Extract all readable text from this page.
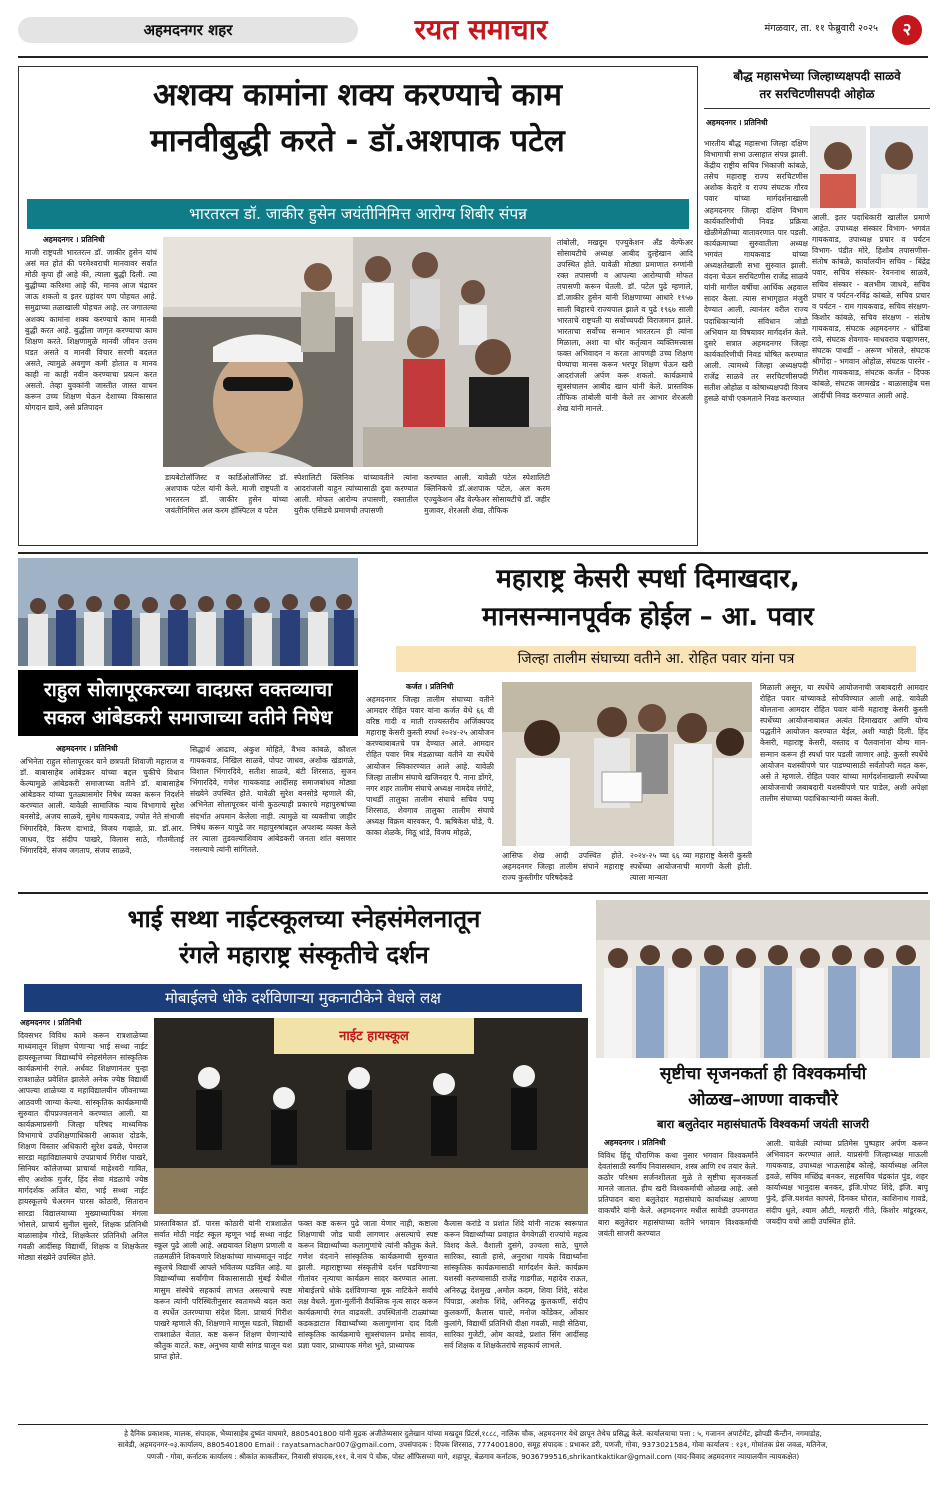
अहमदनगर शहर	रयत समाचार	मंगळवार, ता. ११ फेब्रुवारी २०२५	२
अशक्य कामांना शक्य करण्याचे काम
मानवीबुद्धी करते - डॉ.अशपाक पटेल
भारतरत्न डॉ. जाकीर हुसेन जयंतीनिमित्त आरोग्य शिबीर संपन्न
अहमदनगर । प्रतिनिधी
माजी राष्ट्रपती भारतरत्न डॉ. जाकीर हुसेन यांचं असं मत होतं की परमेश्वराची मानवावर सर्वात मोठी कृपा ही आहे की, त्याला बुद्धी दिली. त्या बुद्धीच्या करिश्मा आहे की, मानव आज चंद्रावर जाऊ शकतो व इतर ग्रहांवर पण पोहचत आहे. समुद्राच्या तळाखाली पोहचत आहे. तर जगातल्या अशक्य कामांना शक्य करण्याचे काम मानवी बुद्धी करत आहे. बुद्धीला जागृत करण्याचा काम शिक्षण करते. शिक्षणामुळे मानवी जीवन उत्तम घडत असते व मानवी विचार सरणी बदलत असते, त्यामुळे अवगुण कमी होतात व मानव काही ना काही नवीन करण्याचा प्रयत्न करत असतो. तेव्हा युवकांनी जास्तीत जास्त वाचन करून उच्च शिक्षण घेऊन देशाच्या विकासात योगदान द्यावे, असे प्रतिपादन
डायबेटोलॉजिस्ट व कार्डिओलॉजिस्ट डॉ. अशपाक पटेल यांनी केले. माजी राष्ट्रपती व भारतरत्न डॉ. जाकीर हुसेन यांच्या जयंतीनिमित्त अल करम हॉस्पिटल व पटेल
स्पेशालिटी क्लिनिक यांच्यावतीने त्यांना आदरांजली वाहून त्यांच्यासाठी दुवा करण्यात आली. मोफत आरोग्य तपासणी, रक्तातील युरीक एसिडचे प्रमाणची तपासणी
करण्यात आली. यावेळी पटेल स्पेशालिटी क्लिनिकचे डॉ.अशपाक पटेल, अल करम एज्युकेशन अँड वेल्फेअर सोसायटीचे डॉ. जहीर मुजावर, शेरअली शेख, तौफिक
तांबोली, मखदूम एज्युकेशन अँड वेल्फेअर सोसायटीचे अध्यक्ष आबीद दुल्हेखान आदि उपस्थित होते. यावेळी मोठ्या प्रमाणात रुग्णांनी रक्त तपासणी व आपल्या आरोग्याची मोफत तपासणी करून घेतली. डॉ. पटेल पुढे म्हणाले, डॉ.जाकीर हुसेन यांनी शिक्षणाच्या आधारे १९५७ साली बिहारचे राज्यपाल झाले व पुढे १९६७ साली भारताचे राष्ट्रपती या सर्वोच्चपदी विराजमान झाले. भारताचा सर्वोच्च सन्मान भारतरत्न ही त्यांना मिळाला, अशा या थोर कर्तृत्वान व्यक्तिमत्त्वास फक्त अभिवादन न करता आपणही उच्च शिक्षण घेण्याचा मानस करून भरपूर शिक्षण घेऊन खरी आदरांजली अर्पण करू शकतो. कार्यक्रमाचे सूत्रसंचालन आबीद खान यांनी केले. प्रास्तविक तौफिक तांबोली यांनी केले तर आभार शेरअली शेख यांनी मानले.
बौद्ध महासभेच्या जिल्हाध्यक्षपदी साळवे
तर सरचिटणीसपदी ओहोळ
अहमदनगर । प्रतिनिधी
भारतीय बौद्ध महासभा जिल्हा दक्षिण विभागाची सभा उत्साहात संपन्न झाली. केंद्रीय राष्ट्रीय सचिव भिकाजी कांबळे, तसेच महाराष्ट्र राज्य सरचिटणीस अशोक केदारे व राज्य संघटक गौरव पवार यांच्या मार्गदर्शनाखाली अहमदनगर जिल्हा दक्षिण विभाग कार्यकारिणीची निवड प्रक्रिया खेळीमेळीच्या वातावरणात पार पडली. कार्यक्रमाच्या सुरुवातीला अध्यक्ष भगवंत गायकवाड यांच्या अध्यक्षतेखाली सभा सुरुवात झाली. वंदना घेऊन सरचिटणीस राजेंद्र साळवे यांनी मागील वर्षीचा आर्थिक अहवाल सादर केला. त्यास सभागृहात मंजुरी देण्यात आली. त्यानंतर वरील राज्य पदाधिकाऱ्यांनी संविधान जोडो अभियान या विषयावर मार्गदर्शन केले. दुसरे सत्रात अहमदनगर जिल्हा कार्यकारिणीची निवड घोषित करण्यात आली. त्यामध्ये जिल्हा अध्यक्षपदी राजेंद्र साळवे तर सरचिटणीसपदी सतीश ओहोळ व कोषाध्यक्षपदी विजय हुसळे यांची एकमताने निवड करण्यात
आली. इतर पदाधिकारी खालील प्रमाणे आहेत. उपाध्यक्ष संस्कार विभाग- भगवंत गायकवाड, उपाध्यक्ष प्रचार व पर्यटन विभाग- पंडीत मोरे, हिशोब तपासणीस- संतोष कांबळे, कार्यालयीन सचिव - बिंद्रेद्र पवार, सचिव संस्कार- रेवननाथ साळवे, सचिव संस्कार - बलभीम जाधवे, सचिव प्रचार व पर्यटन-रविंद्र कांबळे, सचिव प्रचार व पर्यटन - राम गायकवाड, सचिव संरक्षण- किशोर कांबळे, सचिव संरक्षण - संतोष गायकवाड, संघटक अहमदनगर - धोंडिबा रावे, संघटक शेवगाव- माधवराव चव्हाणसर, संघटक पाथर्डी - अरूण भोसले, संघटक श्रीगोंदा - भगवान ओहोळ, संघटक पारनेर - गिरीश गायकवाड, संघटक कर्जत - दिपक कांबळे, संघटक जामखेड - बाळासाहेब घस आदींची निवड करण्यात आली आहे.
राहुल सोलापूरकरच्या वादग्रस्त वक्तव्याचा
सकल आंबेडकरी समाजाच्या वतीने निषेध
अहमदनगर । प्रतिनिधी
अभिनेता राहुल सोलापूरकर याने छत्रपती शिवाजी महाराज व डॉ. बाबासाहेब आंबेडकर यांच्या बद्दल चुकीचे विधान केल्यामुळे आंबेडकरी समाजाच्या वतीने डॉ. बाबासाहेब आंबेडकर यांच्या पुतळ्यासमोर निषेध व्यक्त करून निदर्शने करण्यात आली. यावेळी सामाजिक न्याय विभागाचे सुरेश बनसोडे, अजय साळवे, सुमेध गायकवाड, ज्योत नेते संभाजी भिंगारदिवे, किरण दाभाडे, विजय गव्हाळे, प्रा. डॉ.आर. जाधव, ऍड संदीप पाखरे, विलास साठे, गौतमीताई भिंगारदिवे, संजय जगताप, संजय साळवे,
सिद्धार्थ आढाव, अंकुश मोहिते, वैभव कांबळे, कौशल गायकवाड, निखिल साळवे, पोपट जाधव, अशोक खंडागळे, विशाल भिंगारदिवे, सतीश साळवे, बंटी शिरसाठ, सुजन भिंगारदिवे, गणेश गायकवाड आदींसह समाजबांधव मोठ्या संख्येने उपस्थित होते. यावेळी सुरेश बनसोडे म्हणाले की, अभिनेता सोलापूरकर यांनी कुठल्याही प्रकारचे महापुरुषांच्या संदर्भात अपमान केलेला नाही. त्यामुळे या व्यक्तीचा जाहीर निषेध करून यापुढे जर महापुरुषांबद्दल अपशब्द व्यक्त केले तर त्याला तुडवल्याशिवाय आंबेडकरी जनता शांत बसणार नसल्याचे त्यांनी सांगितले.
महाराष्ट्र केसरी स्पर्धा दिमाखदार,
मानसन्मानपूर्वक होईल – आ. पवार
जिल्हा तालीम संघाच्या वतीने आ. रोहित पवार यांना पत्र
कर्जत । प्रतिनिधी
अहमदनगर जिल्हा तालीम संघाच्या वतीने आमदार रोहित पवार यांना कर्जत येथे ६६ वी वरिष्ठ गादी व माती राज्यस्तरीय अजिंक्यपद महाराष्ट्र केसरी कुस्ती स्पर्धा २०२४-२५ आयोजन करण्याबाबतचे पत्र देण्यात आले. आमदार रोहित पवार मित्र मंडळाच्या वतीने या स्पर्धेचे आयोजन स्विकारण्यात आले आहे. यावेळी जिल्हा तालीम संघाचे खजिनदार पै. नाना डोंगरे, नगर शहर तालीम संघाचे अध्यक्ष नामदेव लंगोटे, पाथर्डी तालुका तालीम संघाचे सचिव पप्पू शिरसाठ, शेवगाव तालुका तालीम संघाचे अध्यक्ष विक्रम बारवकर, पै. ऋषिकेश घोडे, पै. काका शेळके, मिठू धांडे, विजय मोहळे,
आसिफ शेख आदी उपस्थित होते. अहमदनगर जिल्हा तालीम संघाने महाराष्ट्र राज्य कुस्तीगीर परिषदेकडे
२०२४-२५ च्या ६६ व्या महाराष्ट्र केसरी कुस्ती स्पर्धेच्या आयोजनाची मागणी केली होती. त्याला मान्यता
मिळाली असून, या स्पर्धेचे आयोजनाची जबाबदारी आमदार रोहित पवार यांच्याकडे सोपविण्यात आली आहे. यावेळी बोलताना आमदार रोहित पवार यांनी महाराष्ट्र केसरी कुस्ती स्पर्धेच्या आयोजनाबाबत अत्यंत दिमाखदार आणि योग्य पद्धतीने आयोजन करण्यात येईल, अशी ग्वाही दिली. हिंद केसरी, महाराष्ट्र केसरी, वस्ताद व पैलवानांना योग्य मान-सन्मान करून ही स्पर्धा पार पडली जाणार आहे. कुस्ती स्पर्धेचे आयोजन यशस्वीपणे पार पाडण्यासाठी सर्वतोपरी मदत करू, असे ते म्हणाले. रोहित पवार यांच्या मार्गदर्शनाखाली स्पर्धेच्या आयोजनाची जबाबदारी यशस्वीपणे पार पाडेल, अशी अपेक्षा तालीम संघाच्या पदाधिकाऱ्यांनी व्यक्त केली.
भाई सथ्था नाईटस्कूलच्या स्नेहसंमेलनातून
रंगले महाराष्ट्र संस्कृतीचे दर्शन
मोबाईलचे धोके दर्शविणाऱ्या मुकनाटीकेने वेधले लक्ष
अहमदनगर । प्रतिनिधी
दिवसभर विविध कामे करून रात्रशाळेच्या माध्यमातून शिक्षण घेणाऱ्या भाई सथ्था नाईट हायस्कूलच्या विद्यार्थ्यांचे स्नेहसंमेलन सांस्कृतिक कार्यक्रमांनी रंगले. अर्धवट शिक्षणानंतर पुन्हा रात्रशाळेत प्रवेशित झालेले अनेक ज्येष्ठ विद्यार्थी आपल्या शाळेच्या व महाविद्यालयीन जीवनाच्या आठवणी जाग्या केल्या. सांस्कृतिक कार्यक्रमाची सुरुवात दीपप्रज्वलनाने करण्यात आली. या कार्यक्रमाप्रसंगी जिल्हा परिषद माध्यमिक विभागाचे उपशिक्षणाधिकारी आकाश दोडके, शिक्षण विस्तार अधिकारी सुरेश ढवळे, पेमराज सारडा महाविद्यालयाचे उपप्राचार्य गिरीश पाखरे, सिनियर कॉलेजच्या प्राचार्या माहेश्वरी गावित, सीए अशोक गुर्जर, हिंद सेवा मंडळाचे ज्येष्ठ मार्गदर्शक अजित बोरा, भाई सथ्था नाईट हायस्कूलचे चेअरमन पारस कोठारी, सितारान सारडा विद्यालयाच्या मुख्याध्यापिका मंगला भोसले, प्राचार्य सुनील सुसरे, शिक्षक प्रतिनिधी बाळासाहेब गोरडे, शिक्षकेतर प्रतिनिधी अनिल गवळी आदींसह विद्यार्थी, शिक्षक व शिक्षकेतर मोठ्या संख्येने उपस्थित होते.
नाईट हायस्कूल
प्रास्ताविकात डॉ. पारस कोठारी यांनी रात्रशाळेत सर्वात मोठी नाईट स्कूल म्हणून भाई सथ्था नाईट स्कूल पुढे आली आहे. अद्ययावत शिक्षण प्रणाली व तळमळीने शिकवणारे शिक्षकांच्या माध्यमातून नाईट स्कूलचे विद्यार्थी आपले भवितव्य घडवित आहे. या विद्यार्थ्यांच्या सर्वांगीण विकासासाठी मुंबई येथील मासुम संस्थेचे सहकार्य लाभत असल्याचे स्पष्ट करून त्यांनी परिस्थितीनुसार स्वतःमध्ये बदल करा व स्पर्धेत उतरण्याचा संदेश दिला. प्राचार्य गिरीश पाखरे म्हणाले की, शिक्षणाने माणूस घडतो, विद्यार्थी रात्रशाळेत येतात. कष्ट करून शिक्षण घेणाऱ्यांचे कौतुक वाटते. कष्ट, अनुभव याची सांगड घालून यश प्राप्त होते.
फक्त कष्ट करून पुढे जाता येणार नाही, कष्टाला शिक्षणाची जोड घावी लागणार असल्याचे स्पष्ट करून विद्यार्थ्यांच्या कलागुणांचे त्यांनी कौतुक केले. गणेश वंदनाने सांस्कृतिक कार्यक्रमाची सुरुवात झाली. महाराष्ट्राच्या संस्कृतीचे दर्शन घडविणाऱ्या गीतांवर नृत्याचा कार्यक्रम सादर करण्यात आला. मोबाईलचे धोके दर्शविणाऱ्या मूक नाटिकेने सर्वांचे लक्ष वेधले. मुला-मुलींनी वैयक्तिक नृत्य सादर करून कार्यक्रमाची रंगत वाढवली. उपस्थितांनी टाळ्यांच्या कडकडाटात विद्यार्थ्यांच्या कलागुणांना दाद दिली सांस्कृतिक कार्यक्रमाचे सूत्रसंचालन प्रमोद सावंत, प्रज्ञा पवार, प्राध्यापक मंगेश भुते, प्राध्यापक
कैलास करांडे व प्रशांत शिंदे यांनी नाटक स्वरूपात करून विद्यार्थ्यांच्या प्रवाहात वेगवेगळी राज्यांचे महत्व विशद केले. वैशाली दुसंगे, उज्वला साठे, घुगले सारिका, स्वाती हासे, अनुराधा गायके विद्यार्थ्यांना सांस्कृतिक कार्यक्रमासाठी मार्गदर्शन केले. कार्यक्रम यशस्वी करण्यासाठी राजेंद्र गाडगीळ, महादेव राऊत, अनिरुद्ध देशमुख ,अमोल कदम, शिवा शिंदे, संदेश पिंपाडा, अशोक शिंदे, अनिरुद्ध कुलकर्णी, संदीप कुलकर्णी, कैलास चाल्टे, मनोज कोंडेकर, ओंकार कुलांगे, विद्यार्थी प्रतिनिधी दीक्षा गवळी, माही सेठिया, सारिका गुजेटी, ओम कावडे, प्रशांत सिंग आदींसह सर्व शिक्षक व शिक्षकेतरांचे सहकार्य लाभले.
सृष्टीचा सृजनकर्ता ही विश्वकर्माची
ओळख–आण्णा वाकचौरे
बारा बलुतेदार महासंघातर्फे विश्वकर्मा जयंती साजरी
अहमदनगर । प्रतिनिधी
विविध हिंदू पौराणिक कथा नुसार भगवान विश्वकर्मांने देवतांसाठी स्वर्गीय निवासस्थान, शस्त्र आणि रथ तयार केले. कठोर परिश्रम सर्जनशीलता मुळे ते सृष्टीचा सृजनकर्ता मानले जातात. हीच खरी विश्वकर्माची ओळख आहे. असे प्रतिपादन बारा बलुतेदार महासंघाचे कार्याध्यक्ष आण्णा वाकचौरे यांनी केले. अहमदनगर मधील सावेडी उपनगरात बारा बलुतेदार महासंघाच्या वतीने भगवान विश्वकर्माची जयंती साजरी करण्यात
आली. यावेळी त्यांच्या प्रतिमेस पुष्पहार अर्पण करून अभिवादन करण्यात आले. याप्रसंगी जिल्हाध्यक्ष माऊली गायकवाड, उपाध्यक्ष भाऊसाहेब कोल्हे, कार्याध्यक्ष अनिल इवळे, सचिव मच्छिंद्र बनकर, सहसचिव चंद्रकांत पुंड, शहर कार्याध्यक्ष भानुदास बनकर, इंजि.पोपट शिंदे, इंजि. बापू फुंदे, इंजि.यशवंत कापसे, दिनकर घोरात, काशिनाथ गावडे, संदीप धुले, श्याम औटी, मल्हारी गीते, किशोर मांडूरकर, जयदीप वचो आदी उपस्थित होते.
हे दैनिक प्रकाशक, मालक, संपादक, भैय्यासाहेब दुष्यंत वाघमारे, 8805401800 यांनी मुद्रक अजीतेय्यसार दुलेखान यांच्या मखदूम प्रिंटर्स,१८८८, नालिक चौक, अहमदनगर येथे छापून तेथेच प्रसिद्ध केले. कार्यालयाचा पत्ता : ५, गजानन अपार्टमेंट, झोपडी कॅन्टीन, नगमाडोह,
सावेडी, अहमदनगर-०३.कार्यालय, 8805401800 Email : rayatsamachar007@gmail.com, उपसंपादक : दिपक शिरसाठ, 7774001800, समूह संपादक : प्रभाकर डरी, पणजी, गोवा, 9373021584, गोवा कार्यालय : १३१, गोमांतक प्रेस जवळ, मतिनेज,
पणजी - गोवा, कर्नाटक कार्यालय : श्रीकांत काकतीकर, निवासी संपादक,१११, वे.नाय पे चौक, पोस्ट ऑफिसच्या मागे, शहापूर, बेळगाव कर्नाटक, 9036799516,shrikantkaktikar@gmail.com (याद-विवाद अहमदनगर न्यायालयीन न्यायकक्षेत)
